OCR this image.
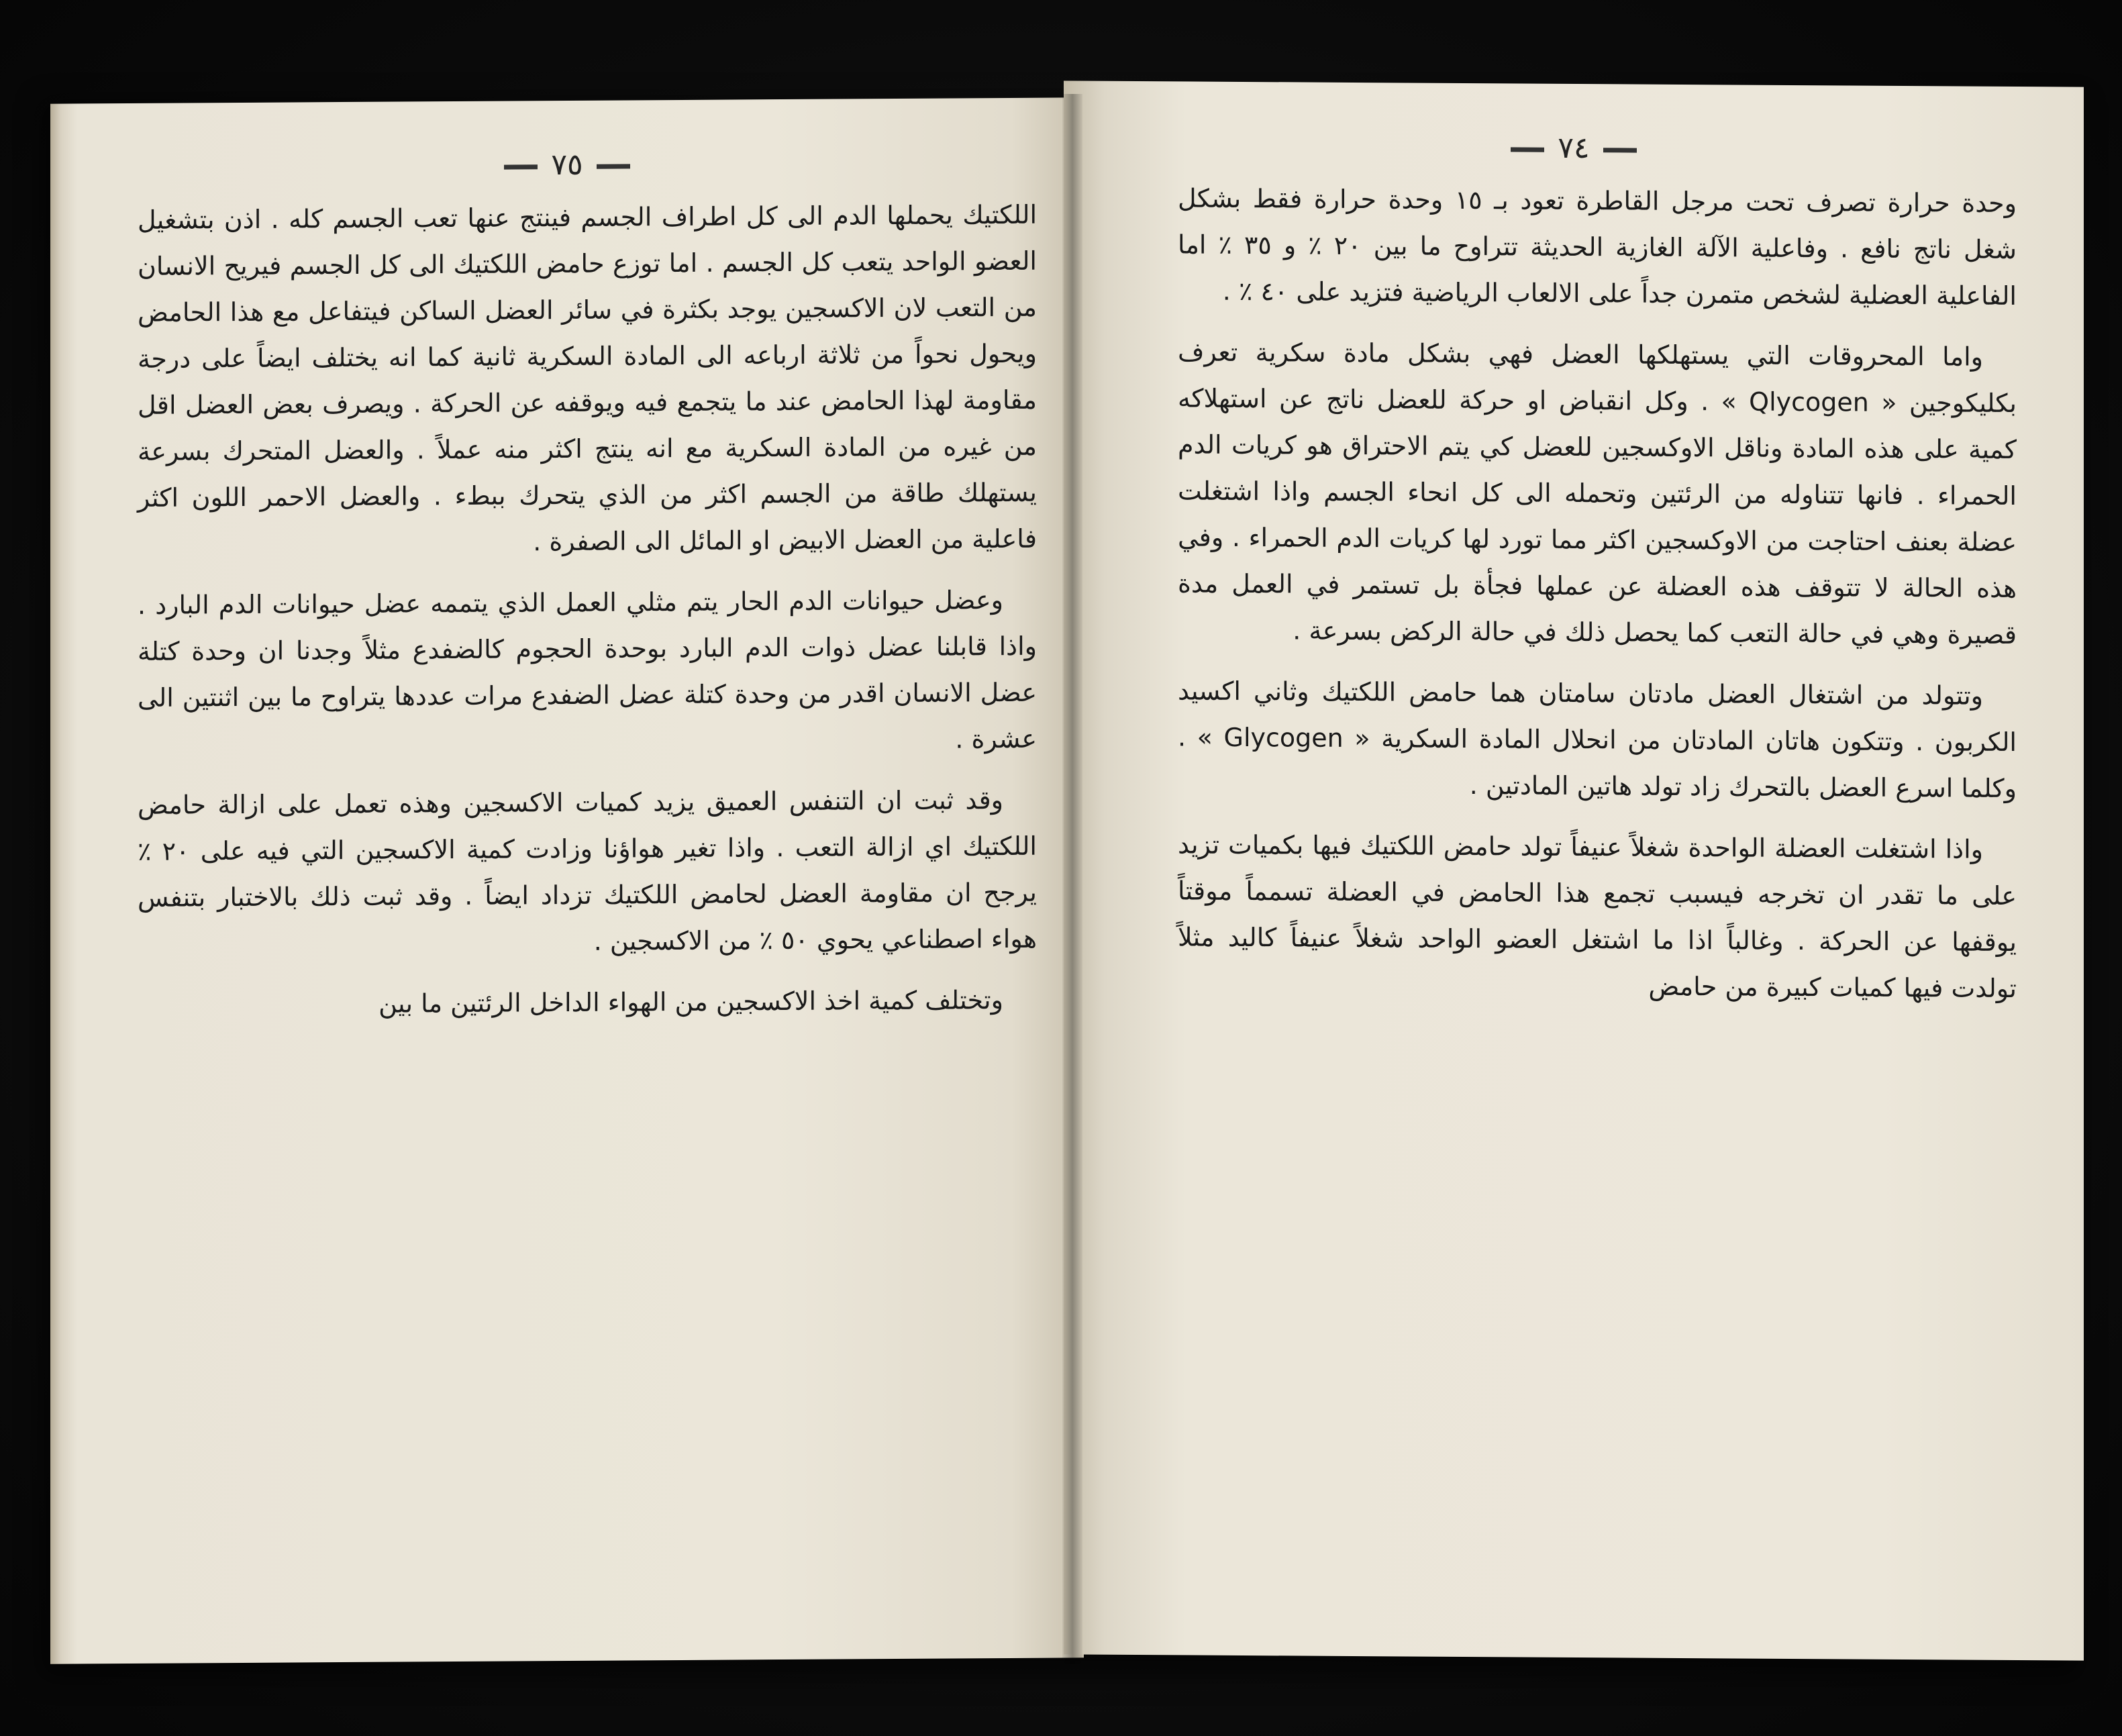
٧٥

اللكتيك يحملها الدم الى كل اطراف الجسم فينتج عنها تعب الجسم كله . اذن بتشغيل العضو الواحد يتعب كل الجسم . اما توزع حامض اللكتيك الى كل الجسم فيريح الانسان من التعب لان الاكسجين يوجد بكثرة في سائر العضل الساكن فيتفاعل مع هذا الحامض ويحول نحواً من ثلاثة ارباعه الى المادة السكرية ثانية كما انه يختلف ايضاً على درجة مقاومة لهذا الحامض عند ما يتجمع فيه ويوقفه عن الحركة . ويصرف بعض العضل اقل من غيره من المادة السكرية مع انه ينتج اكثر منه عملاً . والعضل المتحرك بسرعة يستهلك طاقة من الجسم اكثر من الذي يتحرك ببطء . والعضل الاحمر اللون اكثر فاعلية من العضل الابيض او المائل الى الصفرة .

وعضل حيوانات الدم الحار يتم مثلي العمل الذي يتممه عضل حيوانات الدم البارد . واذا قابلنا عضل ذوات الدم البارد بوحدة الحجوم كالضفدع مثلاً وجدنا ان وحدة كتلة عضل الانسان اقدر من وحدة كتلة عضل الضفدع مرات عددها يتراوح ما بين اثنتين الى عشرة .

وقد ثبت ان التنفس العميق يزيد كميات الاكسجين وهذه تعمل على ازالة حامض اللكتيك اي ازالة التعب . واذا تغير هواؤنا وزادت كمية الاكسجين التي فيه على ٢٠ ٪ يرجح ان مقاومة العضل لحامض اللكتيك تزداد ايضاً . وقد ثبت ذلك بالاختبار بتنفس هواء اصطناعي يحوي ٥٠ ٪ من الاكسجين .

وتختلف كمية اخذ الاكسجين من الهواء الداخل الرئتين ما بين

٧٤

وحدة حرارة تصرف تحت مرجل القاطرة تعود بـ ١٥ وحدة حرارة فقط بشكل شغل ناتج نافع . وفاعلية الآلة الغازية الحديثة تتراوح ما بين ٢٠ ٪ و ٣٥ ٪ اما الفاعلية العضلية لشخص متمرن جداً على الالعاب الرياضية فتزيد على ٤٠ ٪ .

واما المحروقات التي يستهلكها العضل فهي بشكل مادة سكرية تعرف بكليكوجين « Qlycogen » . وكل انقباض او حركة للعضل ناتج عن استهلاكه كمية على هذه المادة وناقل الاوكسجين للعضل كي يتم الاحتراق هو كريات الدم الحمراء . فانها تتناوله من الرئتين وتحمله الى كل انحاء الجسم واذا اشتغلت عضلة بعنف احتاجت من الاوكسجين اكثر مما تورد لها كريات الدم الحمراء . وفي هذه الحالة لا تتوقف هذه العضلة عن عملها فجأة بل تستمر في العمل مدة قصيرة وهي في حالة التعب كما يحصل ذلك في حالة الركض بسرعة .

وتتولد من اشتغال العضل مادتان سامتان هما حامض اللكتيك وثاني اكسيد الكربون . وتتكون هاتان المادتان من انحلال المادة السكرية « Glycogen » . وكلما اسرع العضل بالتحرك زاد تولد هاتين المادتين .

واذا اشتغلت العضلة الواحدة شغلاً عنيفاً تولد حامض اللكتيك فيها بكميات تزيد على ما تقدر ان تخرجه فيسبب تجمع هذا الحامض في العضلة تسمماً موقتاً يوقفها عن الحركة . وغالباً اذا ما اشتغل العضو الواحد شغلاً عنيفاً كاليد مثلاً تولدت فيها كميات كبيرة من حامض
